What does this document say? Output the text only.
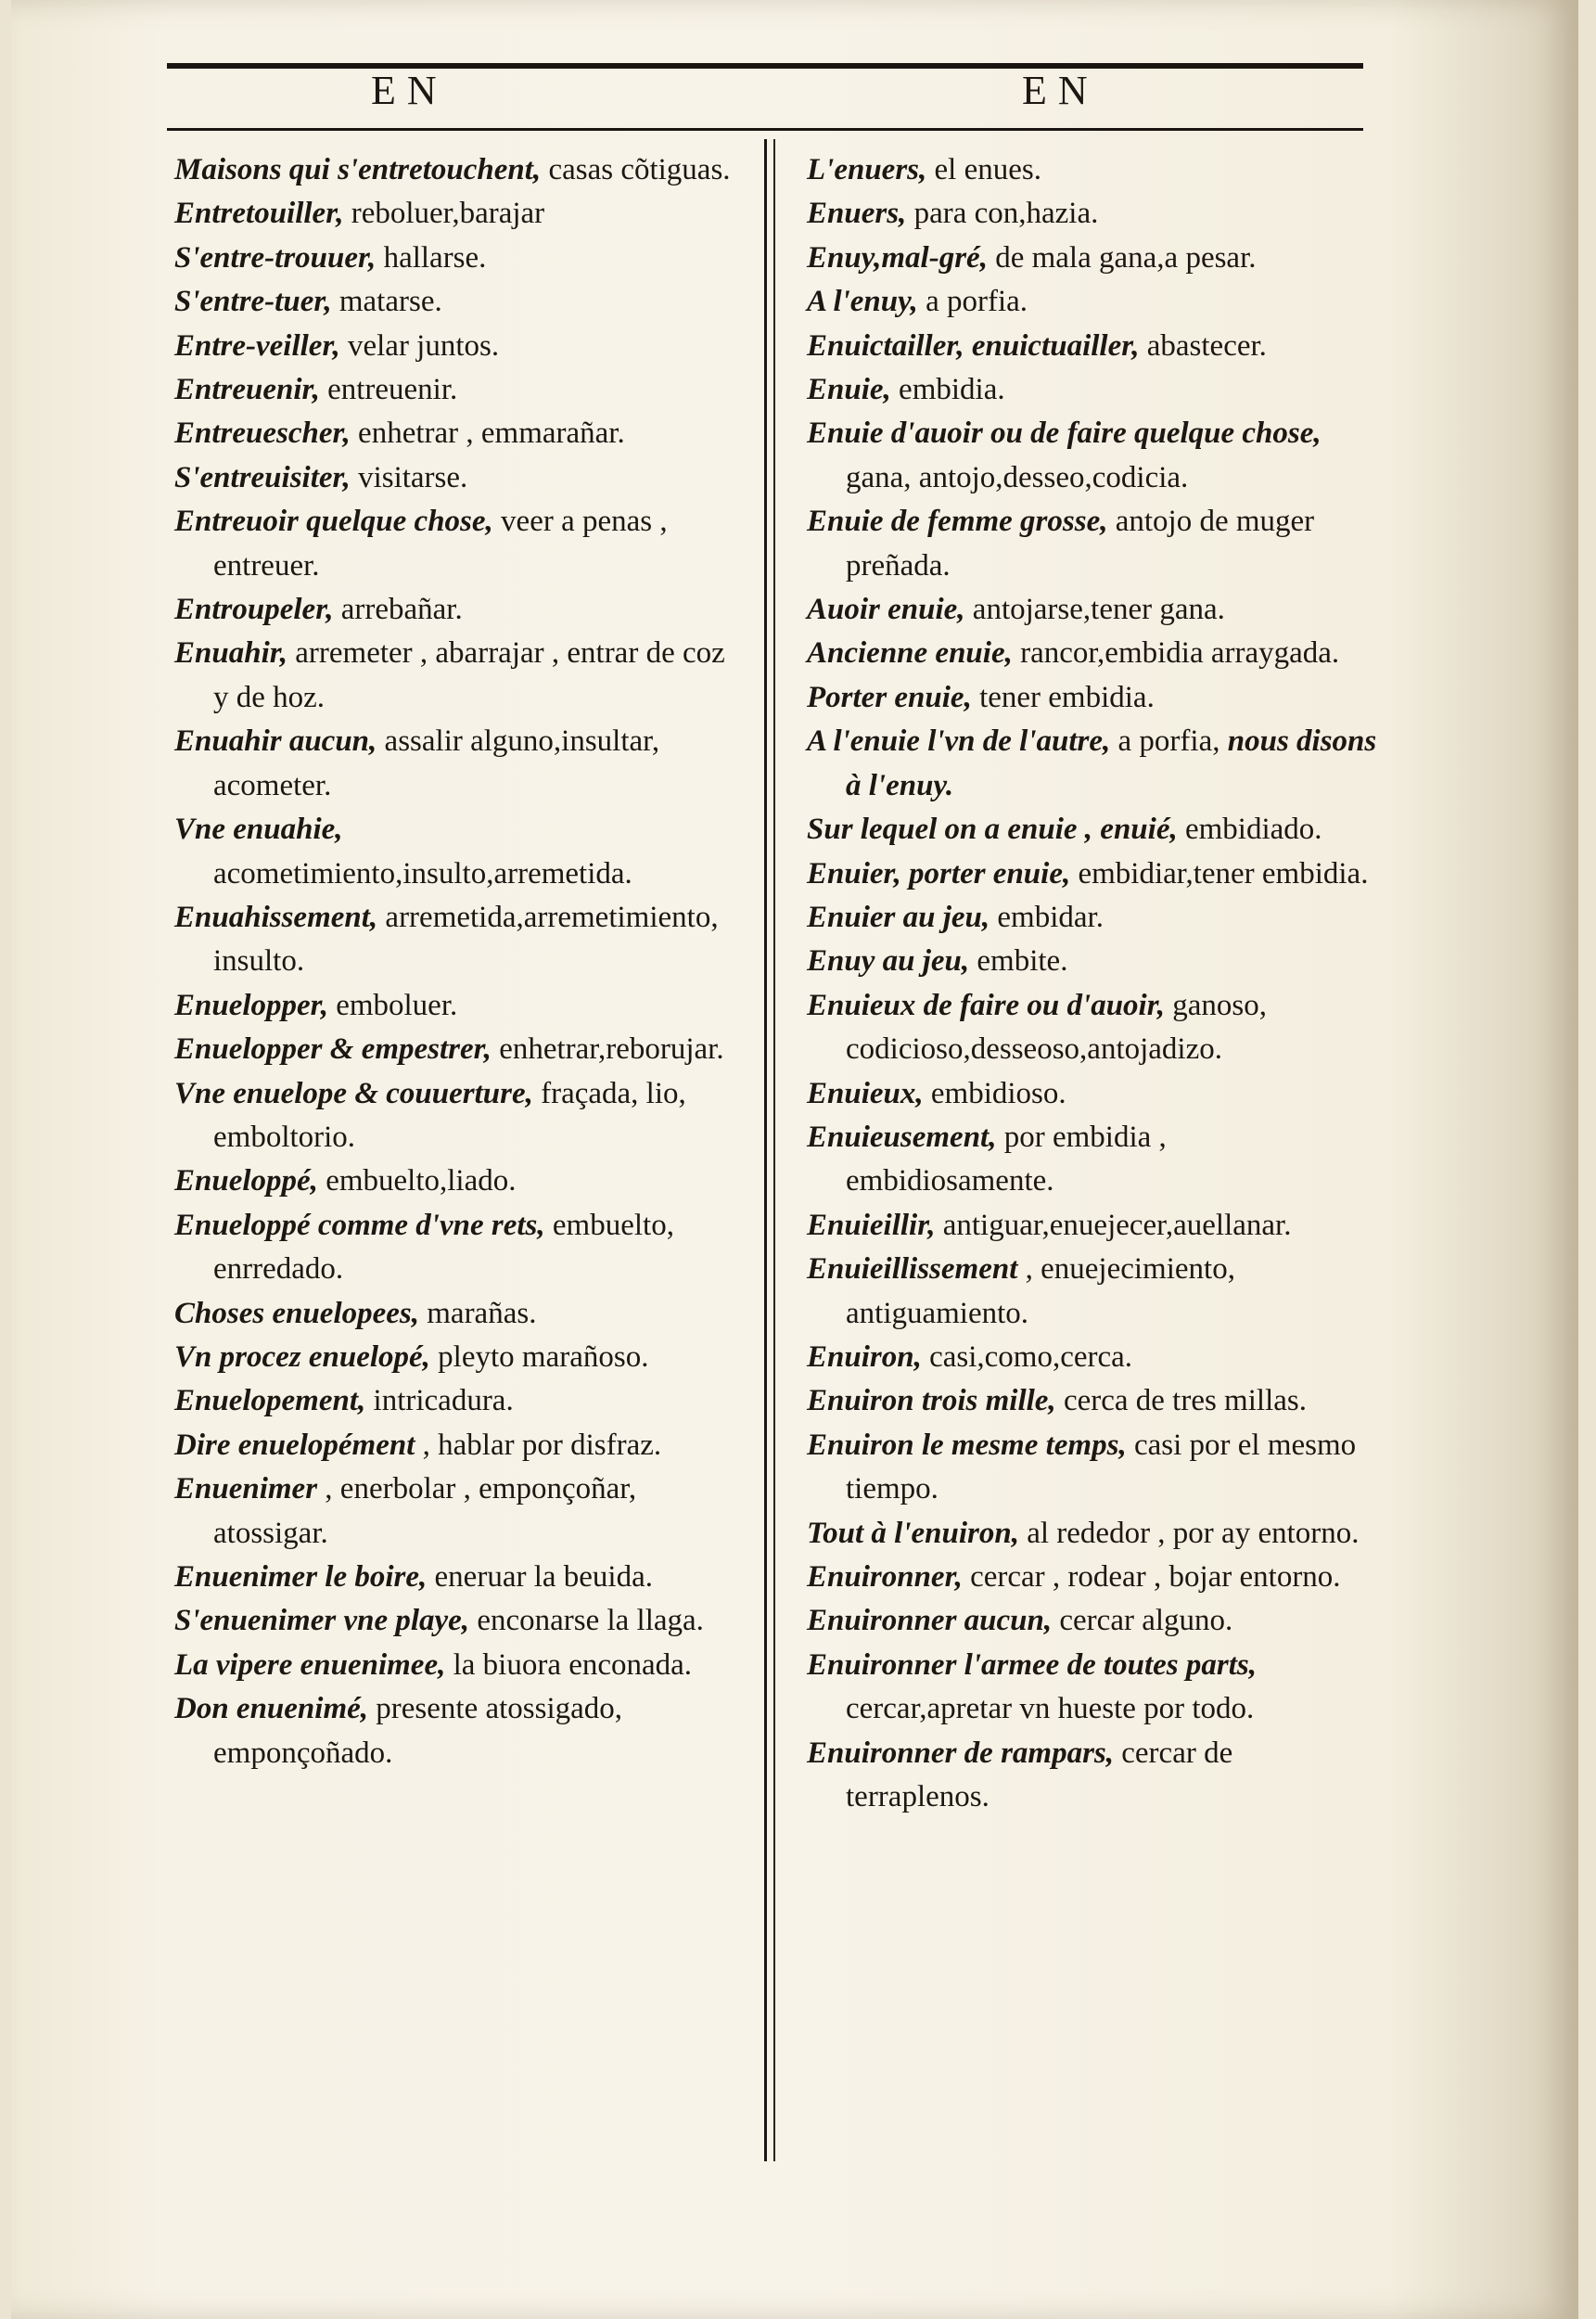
EN	EN
Maisons qui s'entretouchent, casas cõtiguas.
Entretouiller, reboluer,barajar
S'entre-trouuer, hallarse.
S'entre-tuer, matarse.
Entre-veiller, velar juntos.
Entreuenir, entreuenir.
Entreuescher, enhetrar , emmarañar.
S'entreuisiter, visitarse.
Entreuoir quelque chose, veer a penas , entreuer.
Entroupeler, arrebañar.
Enuahir, arremeter , abarrajar , entrar de coz y de hoz.
Enuahir aucun, assalir alguno,insultar, acometer.
Vne enuahie, acometimiento,insulto,arremetida.
Enuahissement, arremetida,arremetimiento, insulto.
Enuelopper, emboluer.
Enuelopper & empestrer, enhetrar,reborujar.
Vne enuelope & couuerture, fraçada, lio, emboltorio.
Enueloppé, embuelto,liado.
Enueloppé comme d'vne rets, embuelto, enrredado.
Choses enuelopees, marañas.
Vn procez enuelopé, pleyto marañoso.
Enuelopement, intricadura.
Dire enuelopément , hablar por disfraz.
Enuenimer , enerbolar , emponçoñar, atossigar.
Enuenimer le boire, eneruar la beuida.
S'enuenimer vne playe, enconarse la llaga.
La vipere enuenimee, la biuora enconada.
Don enuenimé, presente atossigado, emponçoñado.
L'enuers, el enues.
Enuers, para con,hazia.
Enuy,mal-gré, de mala gana,a pesar.
A l'enuy, a porfia.
Enuictailler, enuictuailler, abastecer.
Enuie, embidia.
Enuie d'auoir ou de faire quelque chose, gana, antojo,desseo,codicia.
Enuie de femme grosse, antojo de muger preñada.
Auoir enuie, antojarse,tener gana.
Ancienne enuie, rancor,embidia arraygada.
Porter enuie, tener embidia.
A l'enuie l'vn de l'autre, a porfia, nous disons à l'enuy.
Sur lequel on a enuie , enuié, embidiado.
Enuier, porter enuie, embidiar,tener embidia.
Enuier au jeu, embidar.
Enuy au jeu, embite.
Enuieux de faire ou d'auoir, ganoso, codicioso,desseoso,antojadizo.
Enuieux, embidioso.
Enuieusement, por embidia , embidiosamente.
Enuieillir, antiguar,enuejecer,auellanar.
Enuieillissement , enuejecimiento, antiguamiento.
Enuiron, casi,como,cerca.
Enuiron trois mille, cerca de tres millas.
Enuiron le mesme temps, casi por el mesmo tiempo.
Tout à l'enuiron, al rededor , por ay entorno.
Enuironner, cercar , rodear , bojar entorno.
Enuironner aucun, cercar alguno.
Enuironner l'armee de toutes parts, cercar,apretar vn hueste por todo.
Enuironner de rampars, cercar de terraplenos.
